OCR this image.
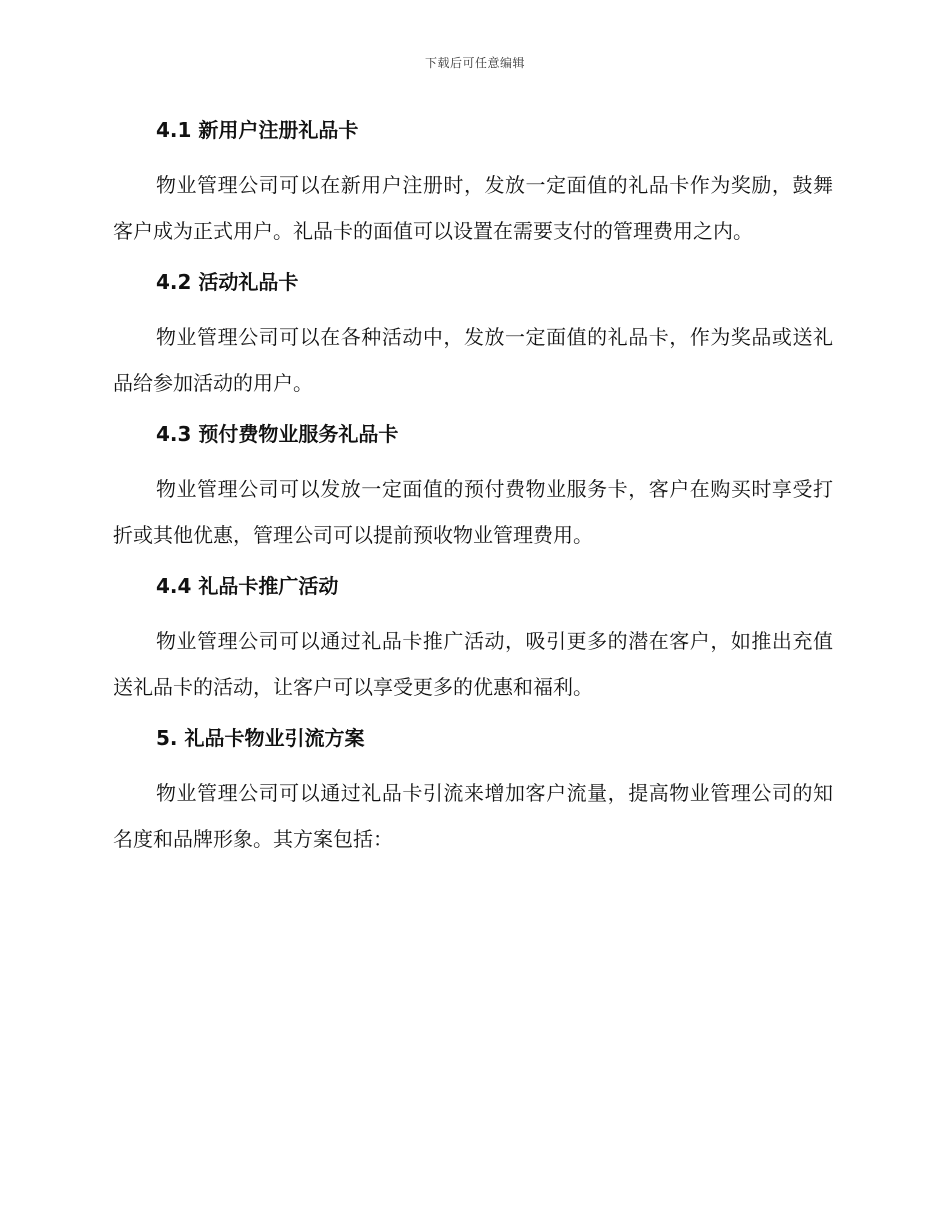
下载后可任意编辑
4.1 新用户注册礼品卡

物业管理公司可以在新用户注册时，发放一定面值的礼品卡作为奖励，鼓舞客户成为正式用户。礼品卡的面值可以设置在需要支付的管理费用之内。

4.2 活动礼品卡

物业管理公司可以在各种活动中，发放一定面值的礼品卡，作为奖品或送礼品给参加活动的用户。

4.3 预付费物业服务礼品卡

物业管理公司可以发放一定面值的预付费物业服务卡，客户在购买时享受打折或其他优惠，管理公司可以提前预收物业管理费用。

4.4 礼品卡推广活动

物业管理公司可以通过礼品卡推广活动，吸引更多的潜在客户，如推出充值送礼品卡的活动，让客户可以享受更多的优惠和福利。

5. 礼品卡物业引流方案

物业管理公司可以通过礼品卡引流来增加客户流量，提高物业管理公司的知名度和品牌形象。其方案包括：
